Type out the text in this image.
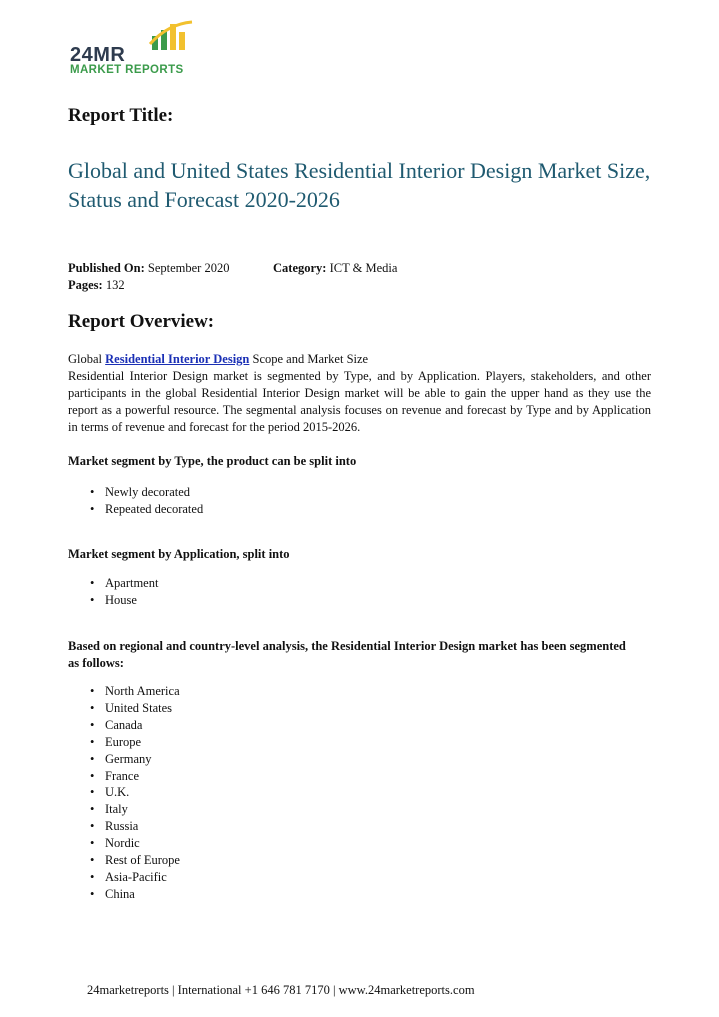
24MR
MARKET REPORTS
Report Title:
Global and United States Residential Interior Design Market Size, Status and Forecast 2020-2026
Published On: September 2020	Category: ICT & Media
Pages: 132
Report Overview:
Global Residential Interior Design Scope and Market Size
Residential Interior Design market is segmented by Type, and by Application. Players, stakeholders, and other participants in the global Residential Interior Design market will be able to gain the upper hand as they use the report as a powerful resource. The segmental analysis focuses on revenue and forecast by Type and by Application in terms of revenue and forecast for the period 2015-2026.
Market segment by Type, the product can be split into
• Newly decorated
• Repeated decorated
Market segment by Application, split into
• Apartment
• House
Based on regional and country-level analysis, the Residential Interior Design market has been segmented as follows:
• North America
• United States
• Canada
• Europe
• Germany
• France
• U.K.
• Italy
• Russia
• Nordic
• Rest of Europe
• Asia-Pacific
• China
24marketreports | International +1 646 781 7170 | www.24marketreports.com
